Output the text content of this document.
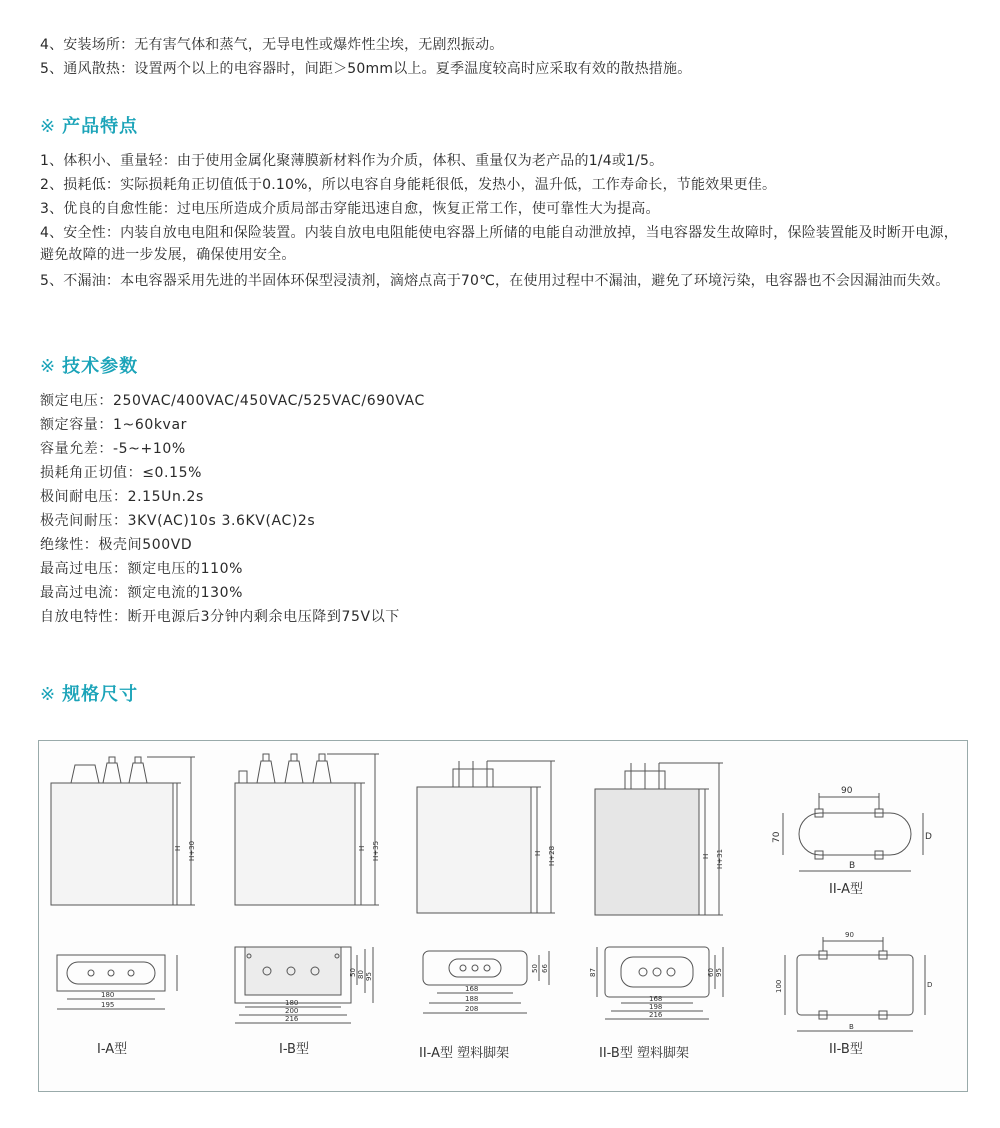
4、安装场所：无有害气体和蒸气，无导电性或爆炸性尘埃，无剧烈振动。
5、通风散热：设置两个以上的电容器时，间距＞50mm以上。夏季温度较高时应采取有效的散热措施。
※ 产品特点
1、体积小、重量轻：由于使用金属化聚薄膜新材料作为介质，体积、重量仅为老产品的1/4或1/5。
2、损耗低：实际损耗角正切值低于0.10%，所以电容自身能耗很低，发热小，温升低，工作寿命长，节能效果更佳。
3、优良的自愈性能：过电压所造成介质局部击穿能迅速自愈，恢复正常工作，使可靠性大为提高。
4、安全性：内装自放电电阻和保险装置。内装自放电电阻能使电容器上所储的电能自动泄放掉，当电容器发生故障时，保险装置能及时断开电源，避免故障的进一步发展，确保使用安全。
5、不漏油：本电容器采用先进的半固体环保型浸渍剂，滴熔点高于70℃，在使用过程中不漏油，避免了环境污染，电容器也不会因漏油而失效。
※ 技术参数
额定电压：250VAC/400VAC/450VAC/525VAC/690VAC
额定容量：1~60kvar
容量允差：-5~+10%
损耗角正切值：≤0.15%
极间耐电压：2.15Un.2s
极壳间耐压：3KV(AC)10s 3.6KV(AC)2s
绝缘性：极壳间500VD
最高过电压：额定电压的110%
最高过电流：额定电流的130%
自放电特性：断开电源后3分钟内剩余电压降到75V以下
※ 规格尺寸
H H+30	H H+35	H H+28	H H+31
90
70	D
B
II-A型
180
195
I-A型
180
200
216
50 80 95
I-B型
168
188
208
50 66
II-A型 塑料脚架
168
198
216
60 95
87
II-B型 塑料脚架
90
100	D
B
II-B型
